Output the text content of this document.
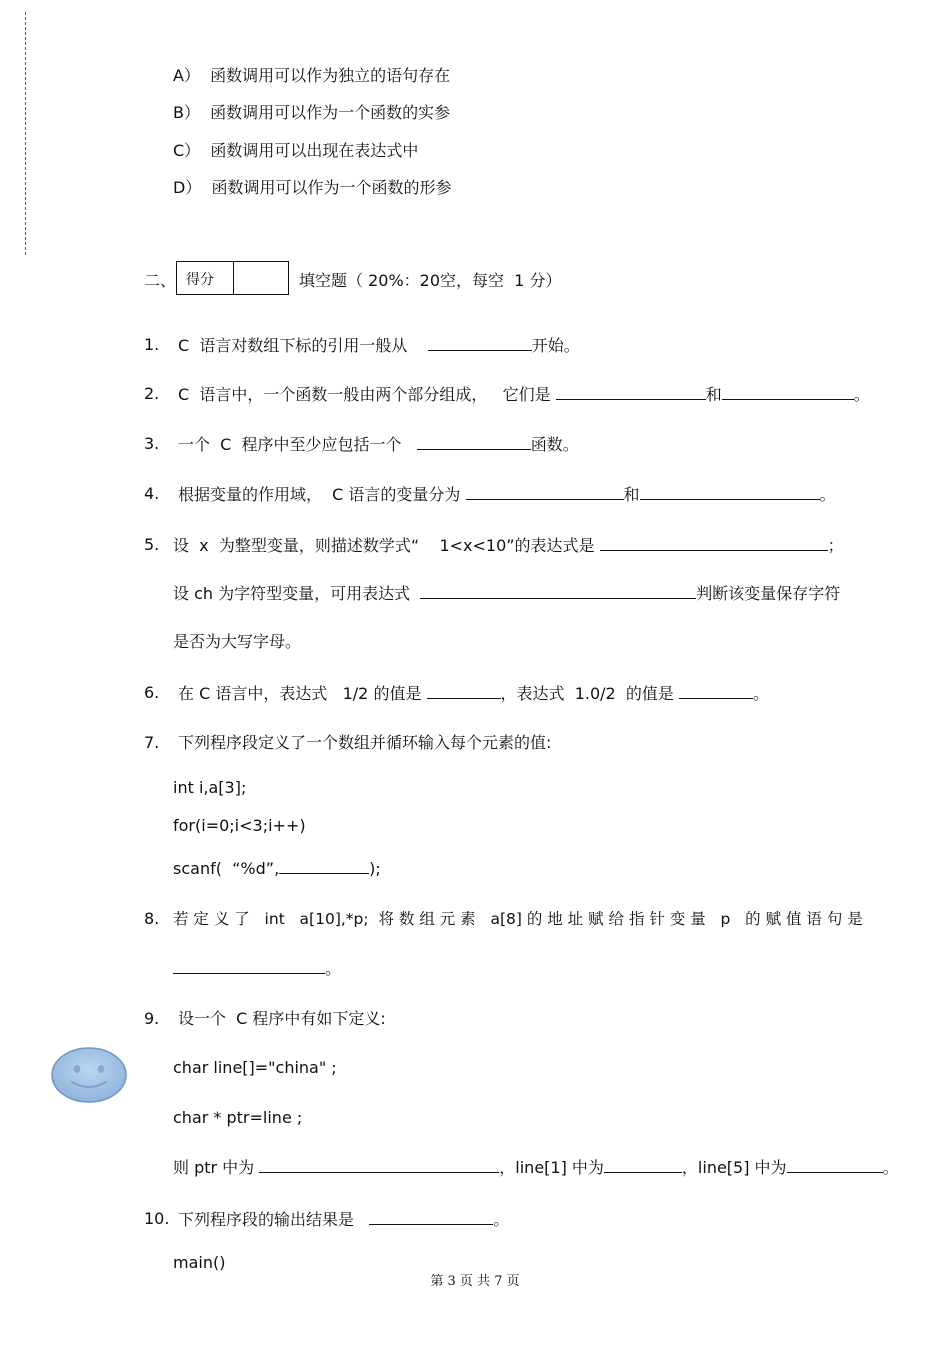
A） 函数调用可以作为独立的语句存在
B） 函数调用可以作为一个函数的实参
C） 函数调用可以出现在表达式中
D） 函数调用可以作为一个函数的形参
二、 得分	填空题（ 20%：20空，每空  1 分）
1. C  语言对数组下标的引用一般从	开始。
2. C  语言中，一个函数一般由两个部分组成，   它们是	和	。
3. 一个  C  程序中至少应包括一个	函数。
4. 根据变量的作用域，  C 语言的变量分为	和	。
5. 设  x  为整型变量，则描述数学式“    1<x<10”的表达式是	；
设 ch 为字符型变量，可用表达式	判断该变量保存字符
是否为大写字母。
6. 在 C 语言中，表达式   1/2 的值是	，表达式  1.0/2  的值是	。
7. 下列程序段定义了一个数组并循环输入每个元素的值:
int i,a[3];
for(i=0;i<3;i++)
scanf(  “%d”,	);
8. 若 定 义 了   int   a[10],*p;  将 数 组 元 素   a[8] 的 地 址 赋 给 指 针 变 量   p   的 赋 值 语 句 是
。
9. 设一个  C 程序中有如下定义:
char line[]="china" ;
char * ptr=line ;
则 ptr 中为	，line[1] 中为	，line[5] 中为	。
10. 下列程序段的输出结果是	。
main()
第 3 页 共 7 页
